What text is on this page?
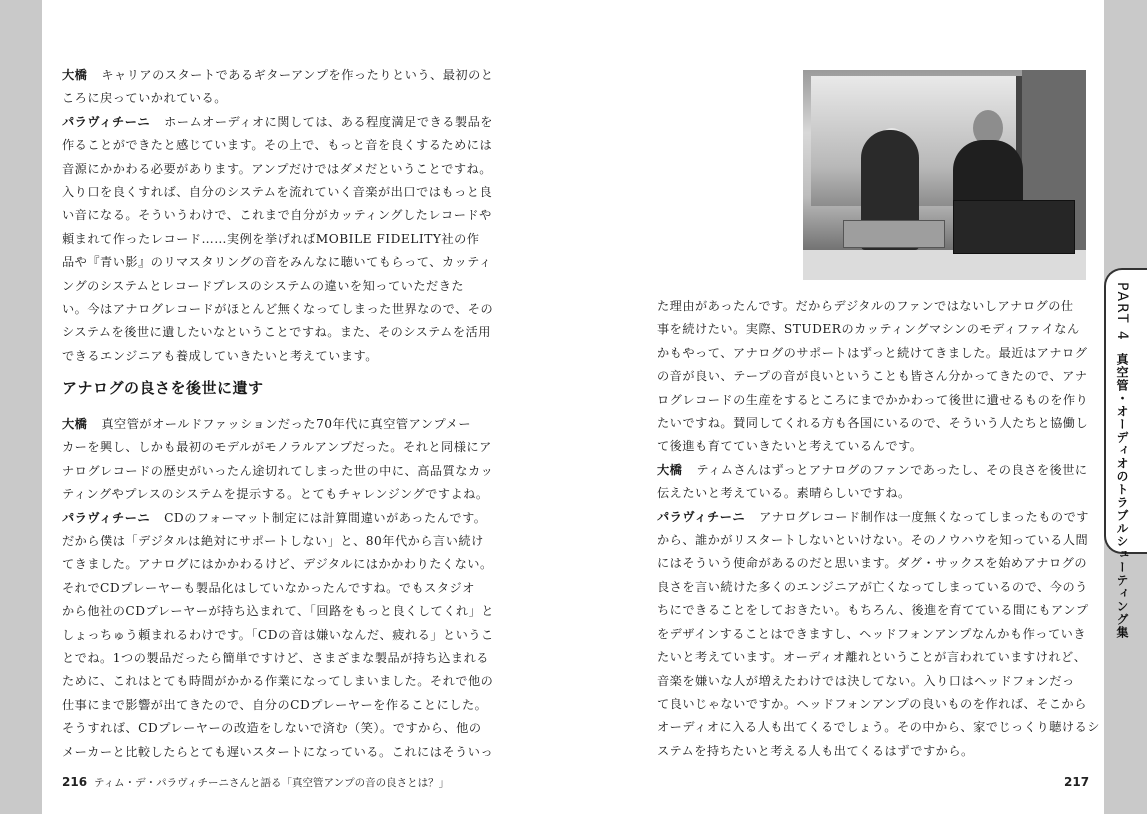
大橋 キャリアのスタートであるギターアンプを作ったりという、最初のと

ころに戻っていかれている。

パラヴィチーニ ホームオーディオに関しては、ある程度満足できる製品を

作ることができたと感じています。その上で、もっと音を良くするためには

音源にかかわる必要があります。アンプだけではダメだということですね。

入り口を良くすれば、自分のシステムを流れていく音楽が出口ではもっと良

い音になる。そういうわけで、これまで自分がカッティングしたレコードや

頼まれて作ったレコード……実例を挙げればMOBILE FIDELITY社の作

品や『青い影』のリマスタリングの音をみんなに聴いてもらって、カッティ

ングのシステムとレコードプレスのシステムの違いを知っていただきた

い。今はアナログレコードがほとんど無くなってしまった世界なので、その

システムを後世に遺したいなということですね。また、そのシステムを活用

できるエンジニアも養成していきたいと考えています。

アナログの良さを後世に遺す

大橋 真空管がオールドファッションだった70年代に真空管アンプメー

カーを興し、しかも最初のモデルがモノラルアンプだった。それと同様にア

ナログレコードの歴史がいったん途切れてしまった世の中に、高品質なカッ

ティングやプレスのシステムを提示する。とてもチャレンジングですよね。

パラヴィチーニ CDのフォーマット制定には計算間違いがあったんです。

だから僕は「デジタルは絶対にサポートしない」と、80年代から言い続け

てきました。アナログにはかかわるけど、デジタルにはかかわりたくない。

それでCDプレーヤーも製品化はしていなかったんですね。でもスタジオ

から他社のCDプレーヤーが持ち込まれて、「回路をもっと良くしてくれ」と

しょっちゅう頼まれるわけです。「CDの音は嫌いなんだ、疲れる」というこ

とでね。1つの製品だったら簡単ですけど、さまざまな製品が持ち込まれる

ために、これはとても時間がかかる作業になってしまいました。それで他の

仕事にまで影響が出てきたので、自分のCDプレーヤーを作ることにした。

そうすれば、CDプレーヤーの改造をしないで済む（笑）。ですから、他の

メーカーと比較したらとても遅いスタートになっている。これにはそういっ

た理由があったんです。だからデジタルのファンではないしアナログの仕

事を続けたい。実際、STUDERのカッティングマシンのモディファイなん

かもやって、アナログのサポートはずっと続けてきました。最近はアナログ

の音が良い、テープの音が良いということも皆さん分かってきたので、アナ

ログレコードの生産をするところにまでかかわって後世に遺せるものを作り

たいですね。賛同してくれる方も各国にいるので、そういう人たちと協働し

て後進も育てていきたいと考えているんです。

大橋 ティムさんはずっとアナログのファンであったし、その良さを後世に

伝えたいと考えている。素晴らしいですね。

パラヴィチーニ アナログレコード制作は一度無くなってしまったものです

から、誰かがリスタートしないといけない。そのノウハウを知っている人間

にはそういう使命があるのだと思います。ダグ・サックスを始めアナログの

良さを言い続けた多くのエンジニアが亡くなってしまっているので、今のう

ちにできることをしておきたい。もちろん、後進を育てている間にもアンプ

をデザインすることはできますし、ヘッドフォンアンプなんかも作っていき

たいと考えています。オーディオ離れということが言われていますけれど、

音楽を嫌いな人が増えたわけでは決してない。入り口はヘッドフォンだっ

て良いじゃないですか。ヘッドフォンアンプの良いものを作れば、そこから

オーディオに入る人も出てくるでしょう。その中から、家でじっくり聴けるシ

ステムを持ちたいと考える人も出てくるはずですから。

216 ティム・デ・パラヴィチーニさんと語る「真空管アンプの音の良さとは？」	217
PART 4 真空管・オーディオのトラブルシューティング集
